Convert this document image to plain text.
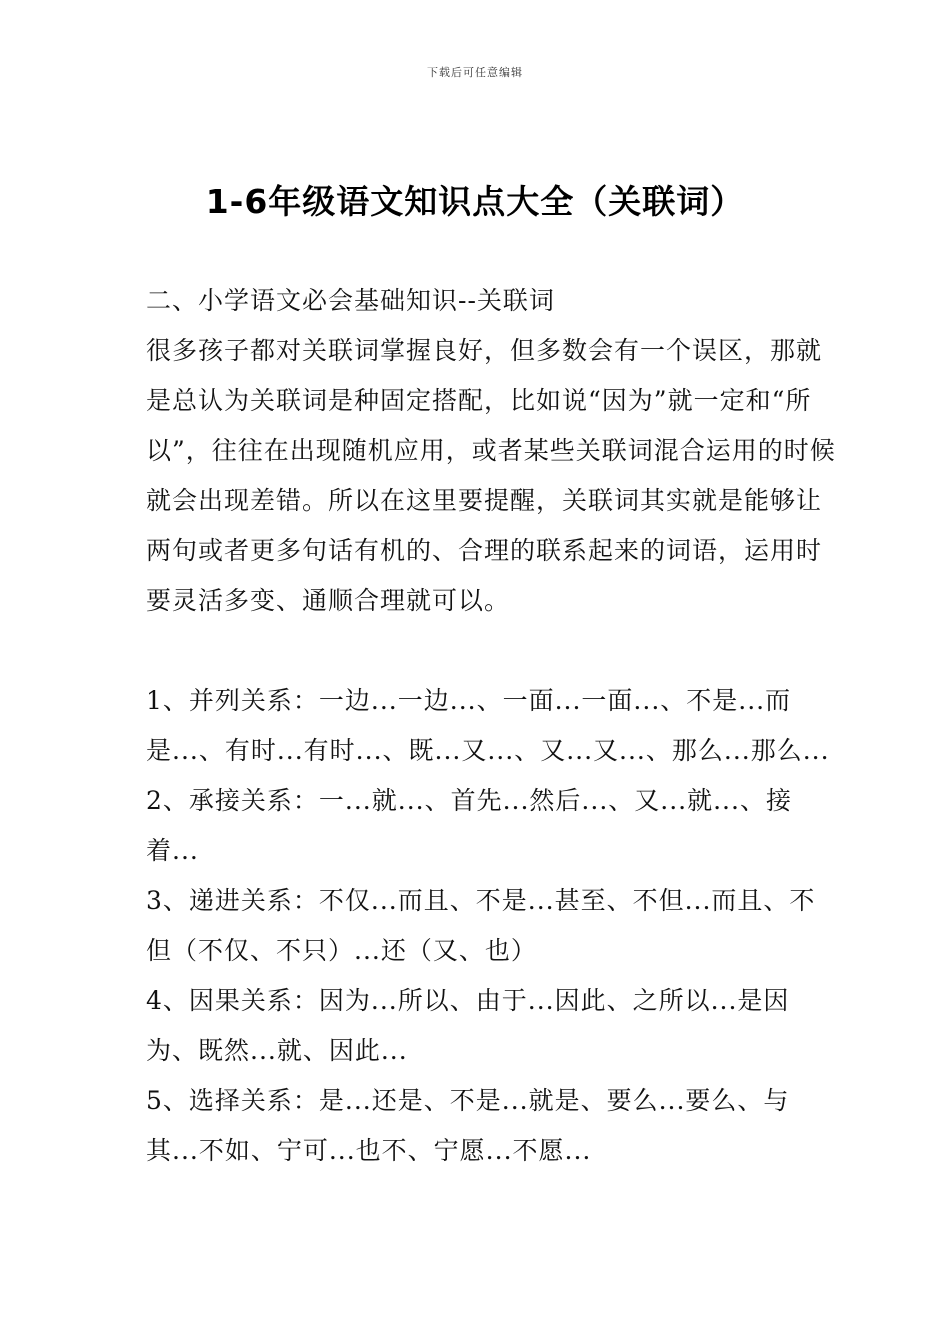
下载后可任意编辑
1-6年级语文知识点大全（关联词）

二、小学语文必会基础知识--关联词

很多孩子都对关联词掌握良好，但多数会有一个误区，那就是总认为关联词是种固定搭配，比如说“因为”就一定和“所以”，往往在出现随机应用，或者某些关联词混合运用的时候就会出现差错。所以在这里要提醒，关联词其实就是能够让两句或者更多句话有机的、合理的联系起来的词语，运用时要灵活多变、通顺合理就可以。

1、并列关系：一边...一边...、一面...一面...、不是...而是...、有时...有时...、既...又...、又...又...、那么...那么...

2、承接关系：一...就...、首先...然后...、又...就...、接着...

3、递进关系：不仅...而且、不是...甚至、不但...而且、不但（不仅、不只）...还（又、也）

4、因果关系：因为...所以、由于...因此、之所以...是因为、既然...就、因此...

5、选择关系：是...还是、不是...就是、要么...要么、与其...不如、宁可...也不、宁愿...不愿...
